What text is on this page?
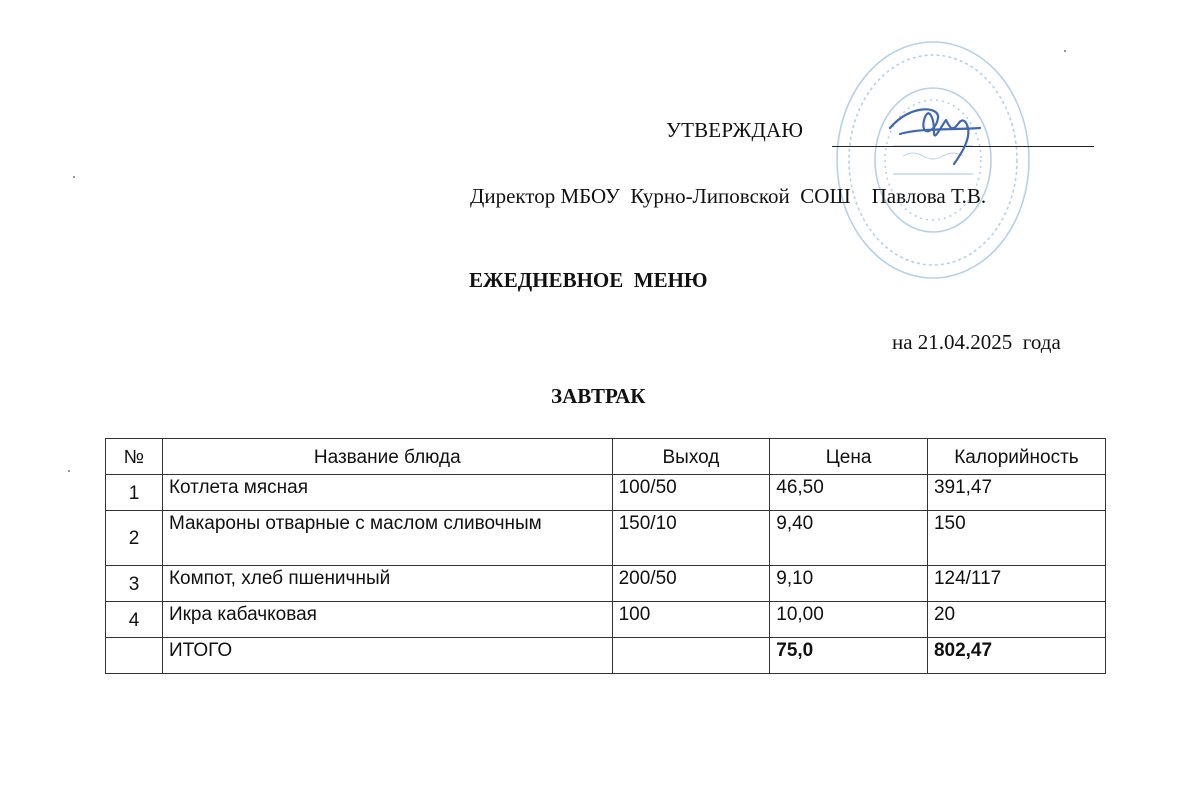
УТВЕРЖДАЮ
Директор МБОУ  Курно-Липовской  СОШ    Павлова Т.В.
ЕЖЕДНЕВНОЕ  МЕНЮ
на 21.04.2025  года
ЗАВТРАК
№	Название блюда	Выход	Цена	Калорийность
1	Котлета мясная	100/50	46,50	391,47
2	Макароны отварные с маслом сливочным	150/10	9,40	150
3	Компот, хлеб пшеничный	200/50	9,10	124/117
4	Икра кабачковая	100	10,00	20
	ИТОГО		75,0	802,47
